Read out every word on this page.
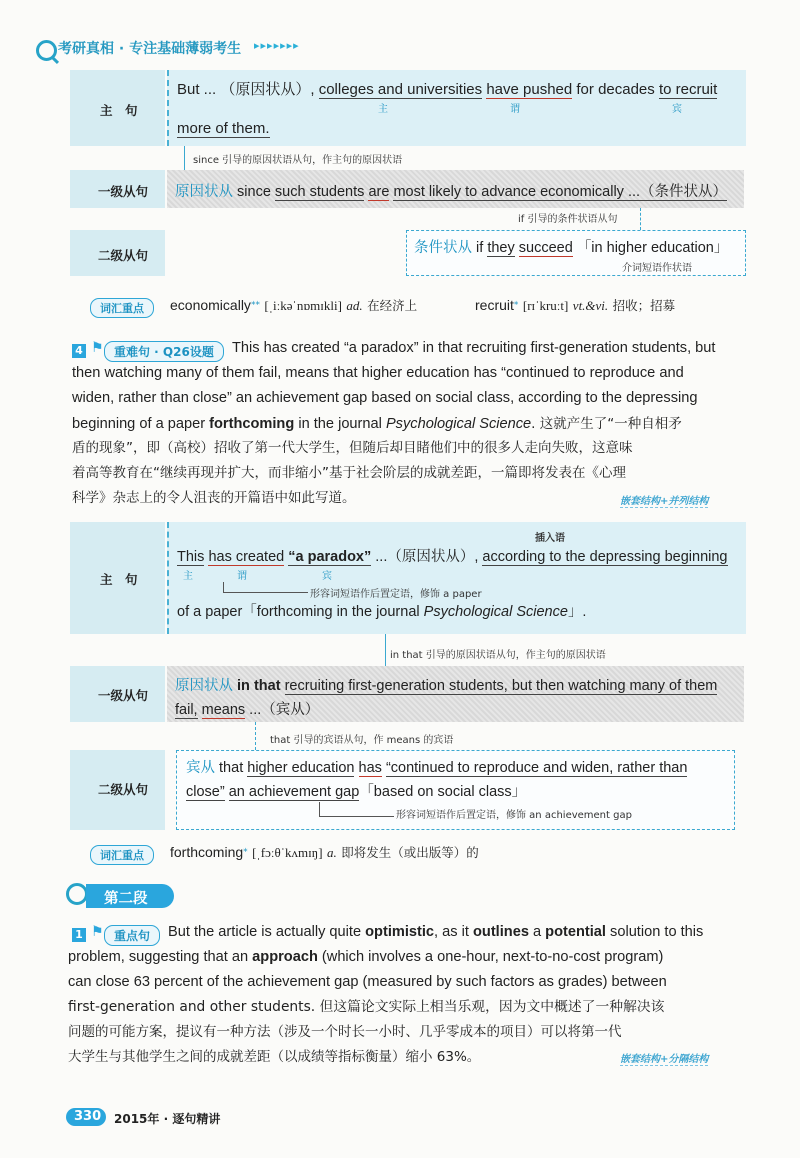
考研真相 · 专注基础薄弱考生 ▸▸▸▸▸▸▸
主　句
But ... （原因状从）, colleges and universities have pushed for decades to recruit
主	谓	宾
more of them.
since 引导的原因状语从句，作主句的原因状语
一级从句 原因状从 since such students are most likely to advance economically ...（条件状从）
if 引导的条件状语从句
二级从句	条件状从 if they succeed 「in higher education」
介词短语作状语
词汇重点	economically⁎⁎ [ˌiːkəˈnɒmɪkli] ad. 在经济上	recruit⁎ [rɪˈkruːt] vt.&vi. 招收；招募
4 ⚑ 重难句 · Q26设题	This has created “a paradox” in that recruiting first-generation students, but
then watching many of them fail, means that higher education has “continued to reproduce and
widen, rather than close” an achievement gap based on social class, according to the depressing
beginning of a paper forthcoming in the journal Psychological Science. 这就产生了“一种自相矛
盾的现象”，即（高校）招收了第一代大学生，但随后却目睹他们中的很多人走向失败，这意味
着高等教育在“继续再现并扩大，而非缩小”基于社会阶层的成就差距，一篇即将发表在《心理
科学》杂志上的令人沮丧的开篇语中如此写道。	嵌套结构+并列结构
主　句
插入语
This has created “a paradox” ...（原因状从）, according to the depressing beginning
主	谓	宾
形容词短语作后置定语，修饰 a paper
of a paper「forthcoming in the journal Psychological Science」.
in that 引导的原因状语从句，作主句的原因状语
一级从句
原因状从 in that recruiting first-generation students, but then watching many of them
fail, means ...（宾从）
that 引导的宾语从句，作 means 的宾语
二级从句
宾从 that higher education has “continued to reproduce and widen, rather than
close” an achievement gap「based on social class」
形容词短语作后置定语，修饰 an achievement gap
词汇重点	forthcoming⁎ [ˌfɔːθˈkʌmɪŋ] a. 即将发生（或出版等）的
第二段
1 ⚑ 重点句	But the article is actually quite optimistic, as it outlines a potential solution to this
problem, suggesting that an approach (which involves a one-hour, next-to-no-cost program)
can close 63 percent of the achievement gap (measured by such factors as grades) between
first-generation and other students. 但这篇论文实际上相当乐观，因为文中概述了一种解决该
问题的可能方案，提议有一种方法（涉及一个时长一小时、几乎零成本的项目）可以将第一代
大学生与其他学生之间的成就差距（以成绩等指标衡量）缩小 63%。	嵌套结构+分隔结构
330 2015年 · 逐句精讲
